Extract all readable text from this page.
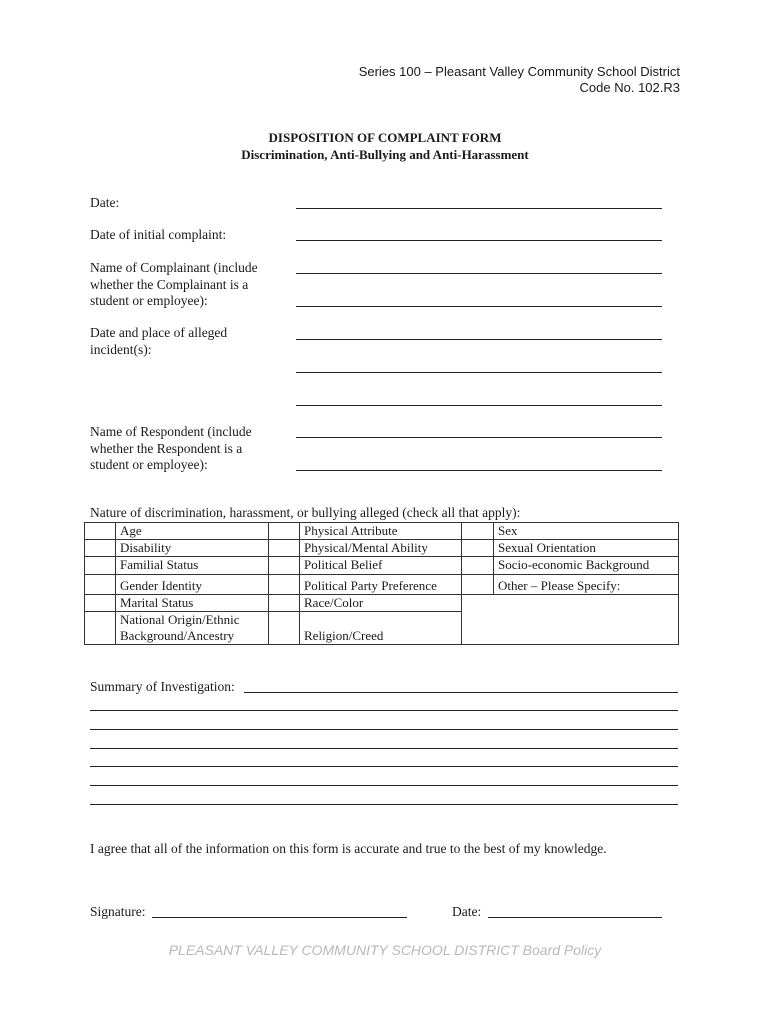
Series 100 – Pleasant Valley Community School District
Code No. 102.R3
DISPOSITION OF COMPLAINT FORM
Discrimination, Anti-Bullying and Anti-Harassment
Date:
Date of initial complaint:
Name of Complainant (include
whether the Complainant is a
student or employee):
Date and place of alleged
incident(s):
Name of Respondent (include
whether the Respondent is a
student or employee):
Nature of discrimination, harassment, or bullying alleged (check all that apply):
	Age		Physical Attribute		Sex
	Disability		Physical/Mental Ability		Sexual Orientation
	Familial Status		Political Belief		Socio-economic Background
	Gender Identity		Political Party Preference		Other – Please Specify:
	Marital Status		Race/Color		
	National Origin/Ethnic
Background/Ancestry		Religion/Creed		
Summary of Investigation:
I agree that all of the information on this form is accurate and true to the best of my knowledge.
Signature:	Date:
PLEASANT VALLEY COMMUNITY SCHOOL DISTRICT Board Policy
